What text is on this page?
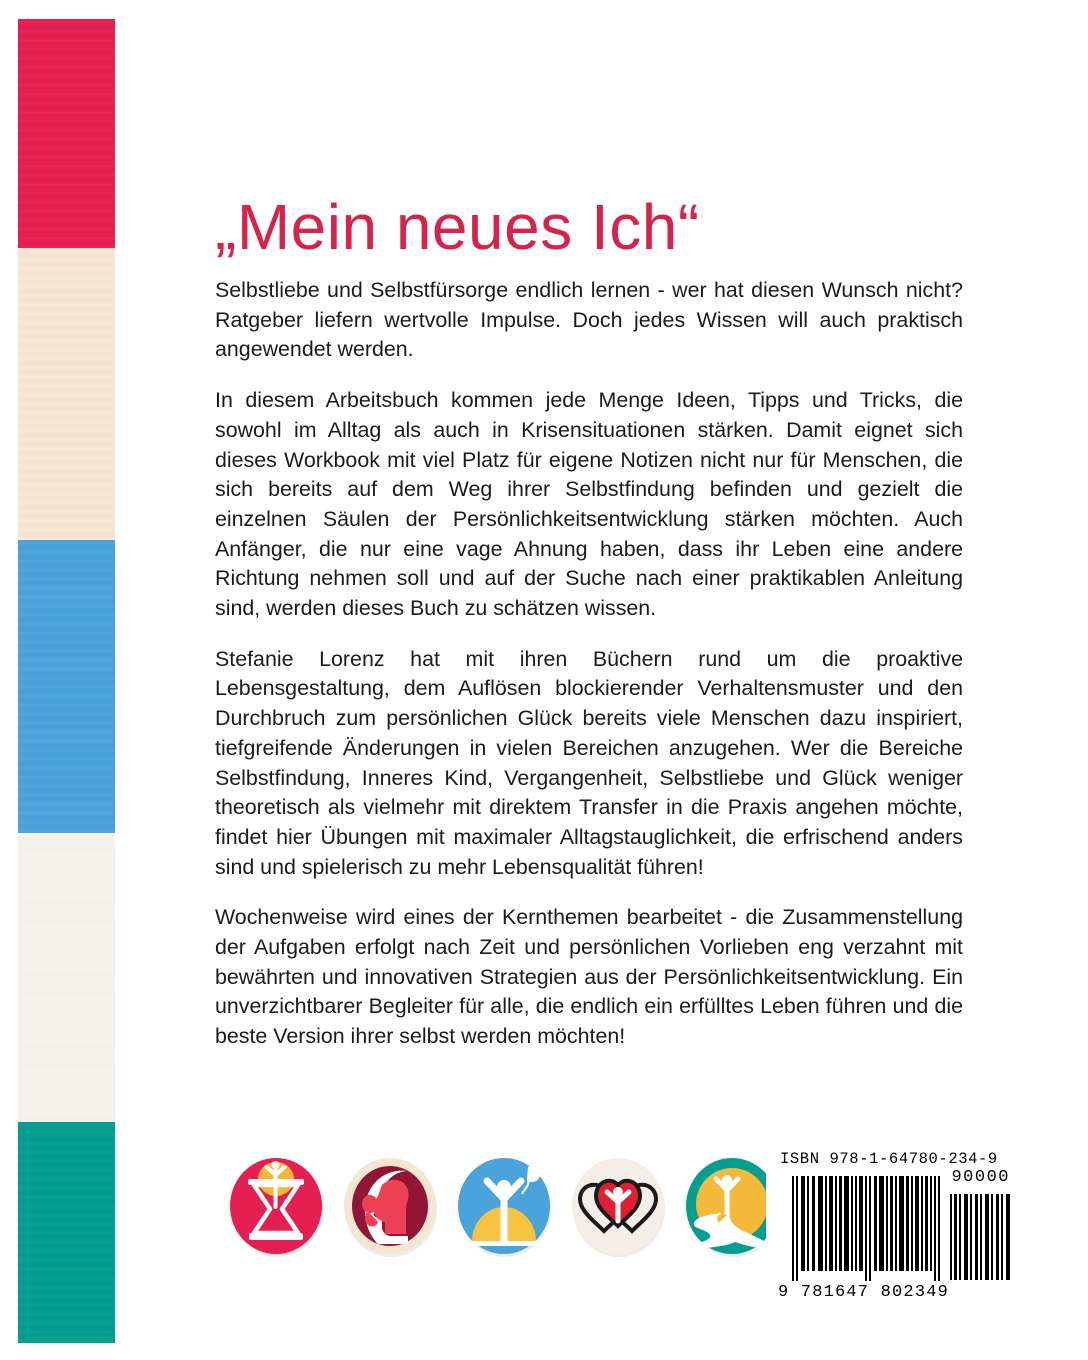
„Mein neues Ich“

Selbstliebe und Selbstfürsorge endlich lernen - wer hat diesen Wunsch nicht? Ratgeber liefern wertvolle Impulse. Doch jedes Wissen will auch praktisch angewendet werden.

In diesem Arbeitsbuch kommen jede Menge Ideen, Tipps und Tricks, die sowohl im Alltag als auch in Krisensituationen stärken. Damit eignet sich dieses Workbook mit viel Platz für eigene Notizen nicht nur für Menschen, die sich bereits auf dem Weg ihrer Selbstfindung befinden und gezielt die einzelnen Säulen der Persönlichkeitsentwicklung stärken möchten. Auch Anfänger, die nur eine vage Ahnung haben, dass ihr Leben eine andere Richtung nehmen soll und auf der Suche nach einer praktikablen Anleitung sind, werden dieses Buch zu schätzen wissen.

Stefanie Lorenz hat mit ihren Büchern rund um die proaktive Lebensgestaltung, dem Auflösen blockierender Verhaltensmuster und den Durchbruch zum persönlichen Glück bereits viele Menschen dazu inspiriert, tiefgreifende Änderungen in vielen Bereichen anzugehen. Wer die Bereiche Selbstfindung, Inneres Kind, Vergangenheit, Selbstliebe und Glück weniger theoretisch als vielmehr mit direktem Transfer in die Praxis angehen möchte, findet hier Übungen mit maximaler Alltagstauglichkeit, die erfrischend anders sind und spielerisch zu mehr Lebensqualität führen!

Wochenweise wird eines der Kernthemen bearbeitet - die Zusammenstellung der Aufgaben erfolgt nach Zeit und persönlichen Vorlieben eng verzahnt mit bewährten und innovativen Strategien aus der Persönlichkeitsentwicklung. Ein unverzichtbarer Begleiter für alle, die endlich ein erfülltes Leben führen und die beste Version ihrer selbst werden möchten!

ISBN 978-1-64780-234-9
90000
9 781647 802349
